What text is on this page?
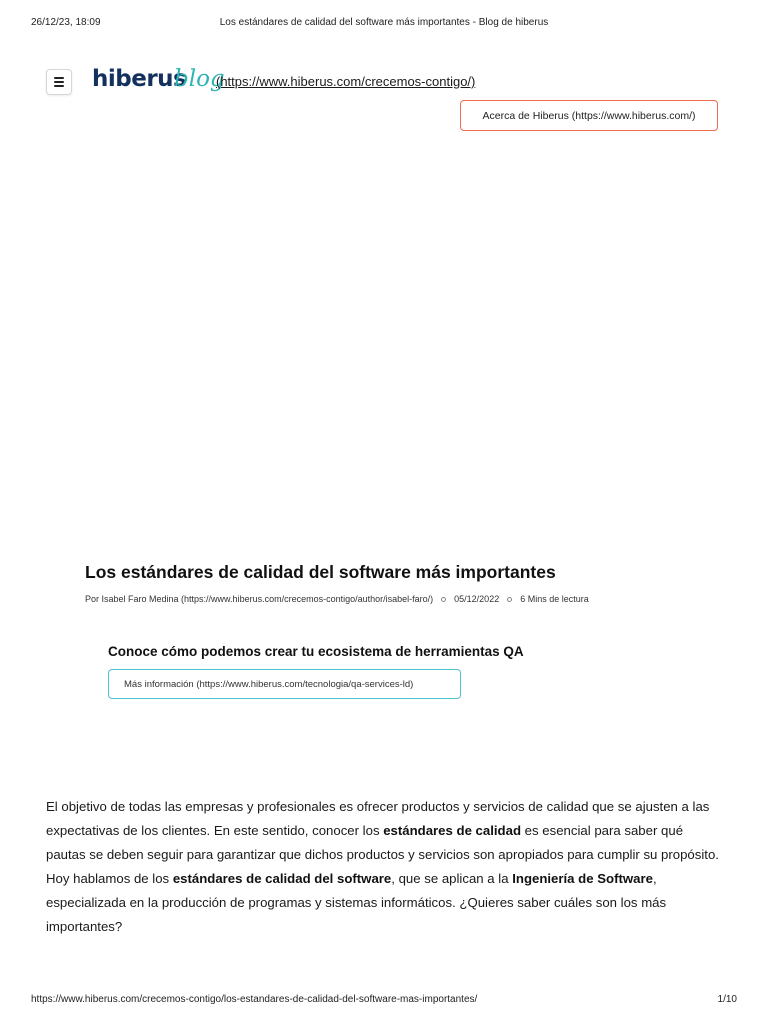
26/12/23, 18:09	Los estándares de calidad del software más importantes - Blog de hiberus
hiberus
blog
(https://www.hiberus.com/crecemos-contigo/)
Acerca de Hiberus (https://www.hiberus.com/)
Los estándares de calidad del software más importantes
Por Isabel Faro Medina (https://www.hiberus.com/crecemos-contigo/author/isabel-faro/) 05/12/2022 6 Mins de lectura
Conoce cómo podemos crear tu ecosistema de herramientas QA
Más información (https://www.hiberus.com/tecnologia/qa-services-ld)

El objetivo de todas las empresas y profesionales es ofrecer productos y servicios de calidad que se ajusten a las expectativas de los clientes. En este sentido, conocer los estándares de calidad es esencial para saber qué pautas se deben seguir para garantizar que dichos productos y servicios son apropiados para cumplir su propósito. Hoy hablamos de los estándares de calidad del software, que se aplican a la Ingeniería de Software, especializada en la producción de programas y sistemas informáticos. ¿Quieres saber cuáles son los más importantes?

https://www.hiberus.com/crecemos-contigo/los-estandares-de-calidad-del-software-mas-importantes/	1/10
